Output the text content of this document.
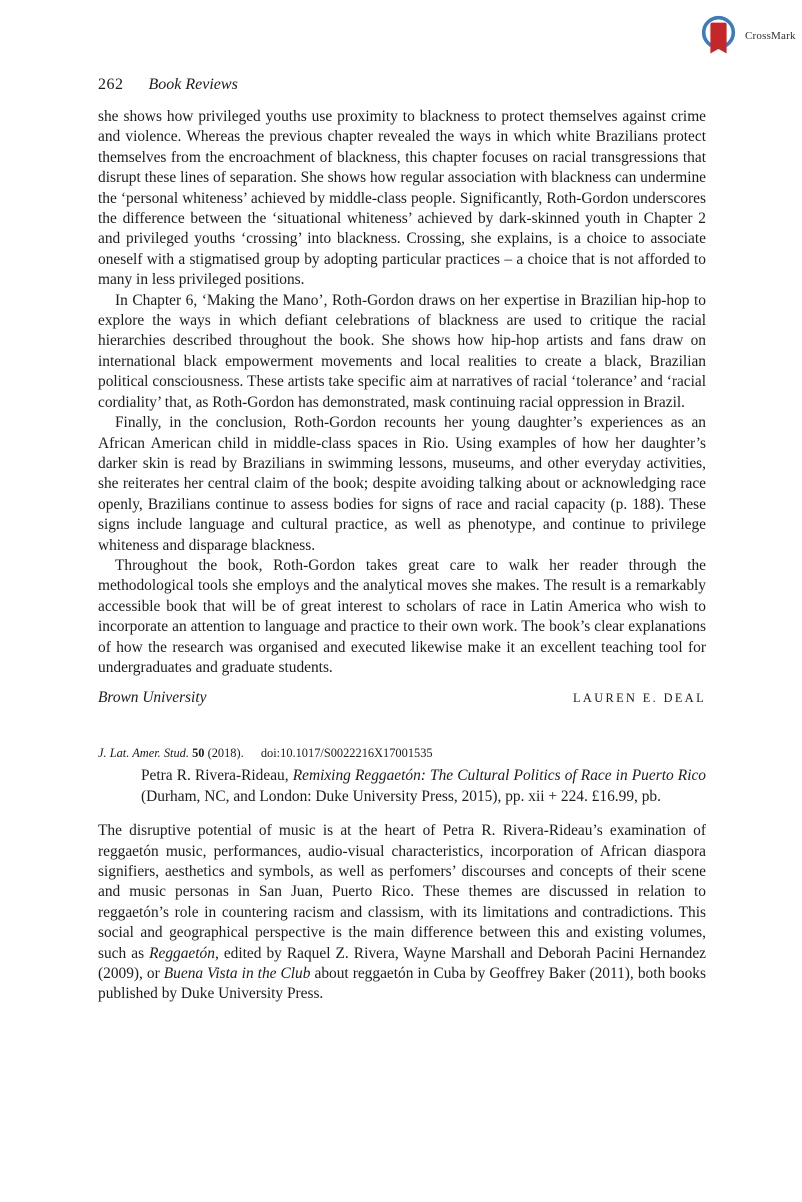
CrossMark
262 Book Reviews

she shows how privileged youths use proximity to blackness to protect themselves against crime and violence. Whereas the previous chapter revealed the ways in which white Brazilians protect themselves from the encroachment of blackness, this chapter focuses on racial transgressions that disrupt these lines of separation. She shows how regular association with blackness can undermine the ‘personal whiteness’ achieved by middle-class people. Significantly, Roth-Gordon underscores the difference between the ‘situational whiteness’ achieved by dark-skinned youth in Chapter 2 and privileged youths ‘crossing’ into blackness. Crossing, she explains, is a choice to associate oneself with a stigmatised group by adopting particular practices – a choice that is not afforded to many in less privileged positions.

In Chapter 6, ‘Making the Mano’, Roth-Gordon draws on her expertise in Brazilian hip-hop to explore the ways in which defiant celebrations of blackness are used to critique the racial hierarchies described throughout the book. She shows how hip-hop artists and fans draw on international black empowerment movements and local realities to create a black, Brazilian political consciousness. These artists take specific aim at narratives of racial ‘tolerance’ and ‘racial cordiality’ that, as Roth-Gordon has demonstrated, mask continuing racial oppression in Brazil.

Finally, in the conclusion, Roth-Gordon recounts her young daughter’s experiences as an African American child in middle-class spaces in Rio. Using examples of how her daughter’s darker skin is read by Brazilians in swimming lessons, museums, and other everyday activities, she reiterates her central claim of the book; despite avoiding talking about or acknowledging race openly, Brazilians continue to assess bodies for signs of race and racial capacity (p. 188). These signs include language and cultural practice, as well as phenotype, and continue to privilege whiteness and disparage blackness.

Throughout the book, Roth-Gordon takes great care to walk her reader through the methodological tools she employs and the analytical moves she makes. The result is a remarkably accessible book that will be of great interest to scholars of race in Latin America who wish to incorporate an attention to language and practice to their own work. The book’s clear explanations of how the research was organised and executed likewise make it an excellent teaching tool for undergraduates and graduate students.

Brown University	LAUREN E. DEAL
J. Lat. Amer. Stud. 50 (2018). doi:10.1017/S0022216X17001535
Petra R. Rivera-Rideau, Remixing Reggaetón: The Cultural Politics of Race in Puerto Rico (Durham, NC, and London: Duke University Press, 2015), pp. xii + 224. £16.99, pb.

The disruptive potential of music is at the heart of Petra R. Rivera-Rideau’s examination of reggaetón music, performances, audio-visual characteristics, incorporation of African diaspora signifiers, aesthetics and symbols, as well as perfomers’ discourses and concepts of their scene and music personas in San Juan, Puerto Rico. These themes are discussed in relation to reggaetón’s role in countering racism and classism, with its limitations and contradictions. This social and geographical perspective is the main difference between this and existing volumes, such as Reggaetón, edited by Raquel Z. Rivera, Wayne Marshall and Deborah Pacini Hernandez (2009), or Buena Vista in the Club about reggaetón in Cuba by Geoffrey Baker (2011), both books published by Duke University Press.
